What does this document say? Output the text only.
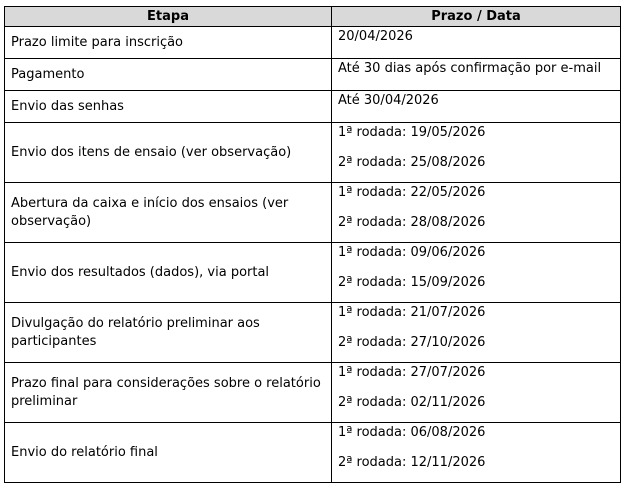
Etapa	Prazo / Data
Prazo limite para inscrição	20/04/2026
Pagamento	Até 30 dias após confirmação por e-mail
Envio das senhas	Até 30/04/2026
Envio dos itens de ensaio (ver observação)	1ª rodada: 19/05/2026
2ª rodada: 25/08/2026

Abertura da caixa e início dos ensaios (ver observação)	1ª rodada: 22/05/2026
2ª rodada: 28/08/2026

Envio dos resultados (dados), via portal	1ª rodada: 09/06/2026
2ª rodada: 15/09/2026

Divulgação do relatório preliminar aos participantes	1ª rodada: 21/07/2026
2ª rodada: 27/10/2026

Prazo final para considerações sobre o relatório preliminar	1ª rodada: 27/07/2026
2ª rodada: 02/11/2026

Envio do relatório final	1ª rodada: 06/08/2026
2ª rodada: 12/11/2026
